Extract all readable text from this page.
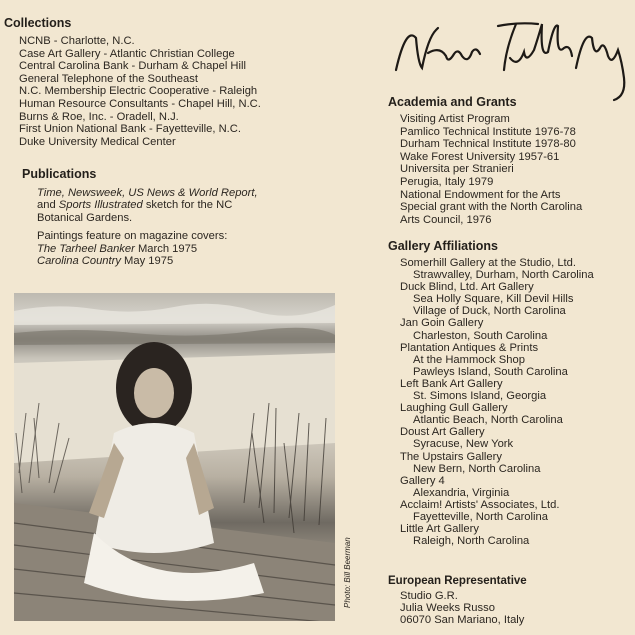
Collections
NCNB - Charlotte, N.C.
Case Art Gallery - Atlantic Christian College
Central Carolina Bank - Durham & Chapel Hill
General Telephone of the Southeast
N.C. Membership Electric Cooperative - Raleigh
Human Resource Consultants - Chapel Hill, N.C.
Burns & Roe, Inc. - Oradell, N.J.
First Union National Bank - Fayetteville, N.C.
Duke University Medical Center
Publications
Time, Newsweek, US News & World Report,
and Sports Illustrated sketch for the NC
Botanical Gardens.
Paintings feature on magazine covers:
The Tarheel Banker March 1975
Carolina Country May 1975
Photo: Bill Beerman
Academia and Grants
Visiting Artist Program
Pamlico Technical Institute 1976-78
Durham Technical Institute 1978-80
Wake Forest University 1957-61
Universita per Stranieri
Perugia, Italy 1979
National Endowment for the Arts
Special grant with the North Carolina
Arts Council, 1976
Gallery Affiliations
Somerhill Gallery at the Studio, Ltd.
Strawvalley, Durham, North Carolina
Duck Blind, Ltd. Art Gallery
Sea Holly Square, Kill Devil Hills
Village of Duck, North Carolina
Jan Goin Gallery
Charleston, South Carolina
Plantation Antiques & Prints
At the Hammock Shop
Pawleys Island, South Carolina
Left Bank Art Gallery
St. Simons Island, Georgia
Laughing Gull Gallery
Atlantic Beach, North Carolina
Doust Art Gallery
Syracuse, New York
The Upstairs Gallery
New Bern, North Carolina
Gallery 4
Alexandria, Virginia
Acclaim! Artists' Associates, Ltd.
Fayetteville, North Carolina
Little Art Gallery
Raleigh, North Carolina
European Representative
Studio G.R.
Julia Weeks Russo
06070 San Mariano, Italy
